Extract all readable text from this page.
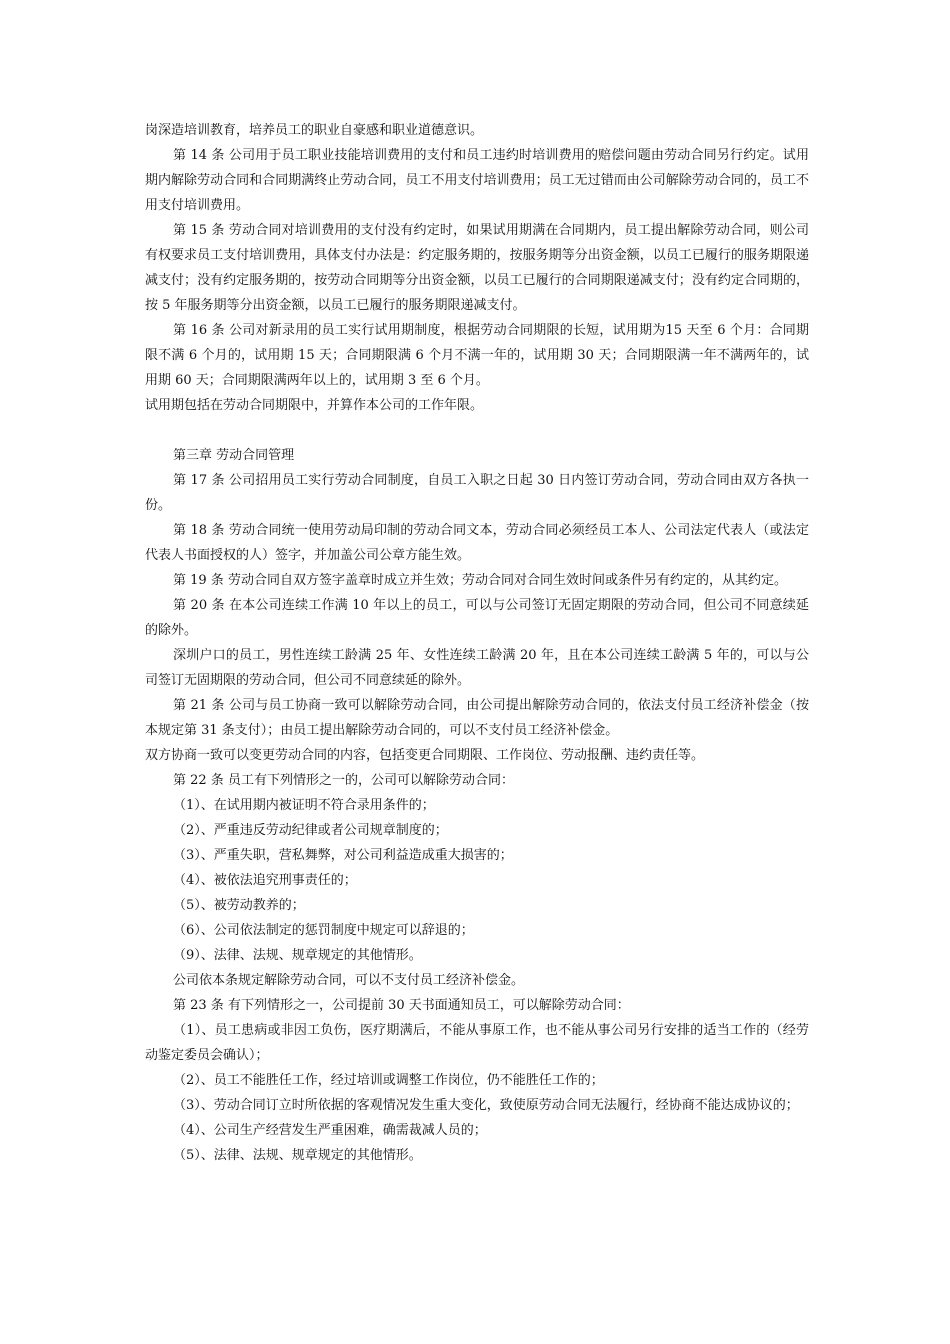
岗深造培训教育，培养员工的职业自豪感和职业道德意识。

第 14 条 公司用于员工职业技能培训费用的支付和员工违约时培训费用的赔偿问题由劳动合同另行约定。试用期内解除劳动合同和合同期满终止劳动合同，员工不用支付培训费用；员工无过错而由公司解除劳动合同的，员工不用支付培训费用。

第 15 条 劳动合同对培训费用的支付没有约定时，如果试用期满在合同期内，员工提出解除劳动合同，则公司有权要求员工支付培训费用，具体支付办法是：约定服务期的，按服务期等分出资金额，以员工已履行的服务期限递减支付；没有约定服务期的，按劳动合同期等分出资金额，以员工已履行的合同期限递减支付；没有约定合同期的，按 5 年服务期等分出资金额，以员工已履行的服务期限递减支付。

第 16 条 公司对新录用的员工实行试用期制度，根据劳动合同期限的长短，试用期为15 天至 6 个月：合同期限不满 6 个月的，试用期 15 天；合同期限满 6 个月不满一年的，试用期 30 天；合同期限满一年不满两年的，试用期 60 天；合同期限满两年以上的，试用期 3 至 6 个月。

试用期包括在劳动合同期限中，并算作本公司的工作年限。

第三章 劳动合同管理

第 17 条 公司招用员工实行劳动合同制度，自员工入职之日起 30 日内签订劳动合同，劳动合同由双方各执一份。

第 18 条 劳动合同统一使用劳动局印制的劳动合同文本，劳动合同必须经员工本人、公司法定代表人（或法定代表人书面授权的人）签字，并加盖公司公章方能生效。

第 19 条 劳动合同自双方签字盖章时成立并生效；劳动合同对合同生效时间或条件另有约定的，从其约定。

第 20 条 在本公司连续工作满 10 年以上的员工，可以与公司签订无固定期限的劳动合同，但公司不同意续延的除外。

深圳户口的员工，男性连续工龄满 25 年、女性连续工龄满 20 年，且在本公司连续工龄满 5 年的，可以与公司签订无固期限的劳动合同，但公司不同意续延的除外。

第 21 条 公司与员工协商一致可以解除劳动合同，由公司提出解除劳动合同的，依法支付员工经济补偿金（按本规定第 31 条支付）；由员工提出解除劳动合同的，可以不支付员工经济补偿金。

双方协商一致可以变更劳动合同的内容，包括变更合同期限、工作岗位、劳动报酬、违约责任等。

第 22 条 员工有下列情形之一的，公司可以解除劳动合同：

（1）、在试用期内被证明不符合录用条件的；

（2）、严重违反劳动纪律或者公司规章制度的；

（3）、严重失职，营私舞弊，对公司利益造成重大损害的；

（4）、被依法追究刑事责任的；

（5）、被劳动教养的；

（6）、公司依法制定的惩罚制度中规定可以辞退的；

（9）、法律、法规、规章规定的其他情形。

公司依本条规定解除劳动合同，可以不支付员工经济补偿金。

第 23 条 有下列情形之一，公司提前 30 天书面通知员工，可以解除劳动合同：

（1）、员工患病或非因工负伤，医疗期满后，不能从事原工作，也不能从事公司另行安排的适当工作的（经劳动鉴定委员会确认）；

（2）、员工不能胜任工作，经过培训或调整工作岗位，仍不能胜任工作的；

（3）、劳动合同订立时所依据的客观情况发生重大变化，致使原劳动合同无法履行，经协商不能达成协议的；

（4）、公司生产经营发生严重困难，确需裁减人员的；

（5）、法律、法规、规章规定的其他情形。
